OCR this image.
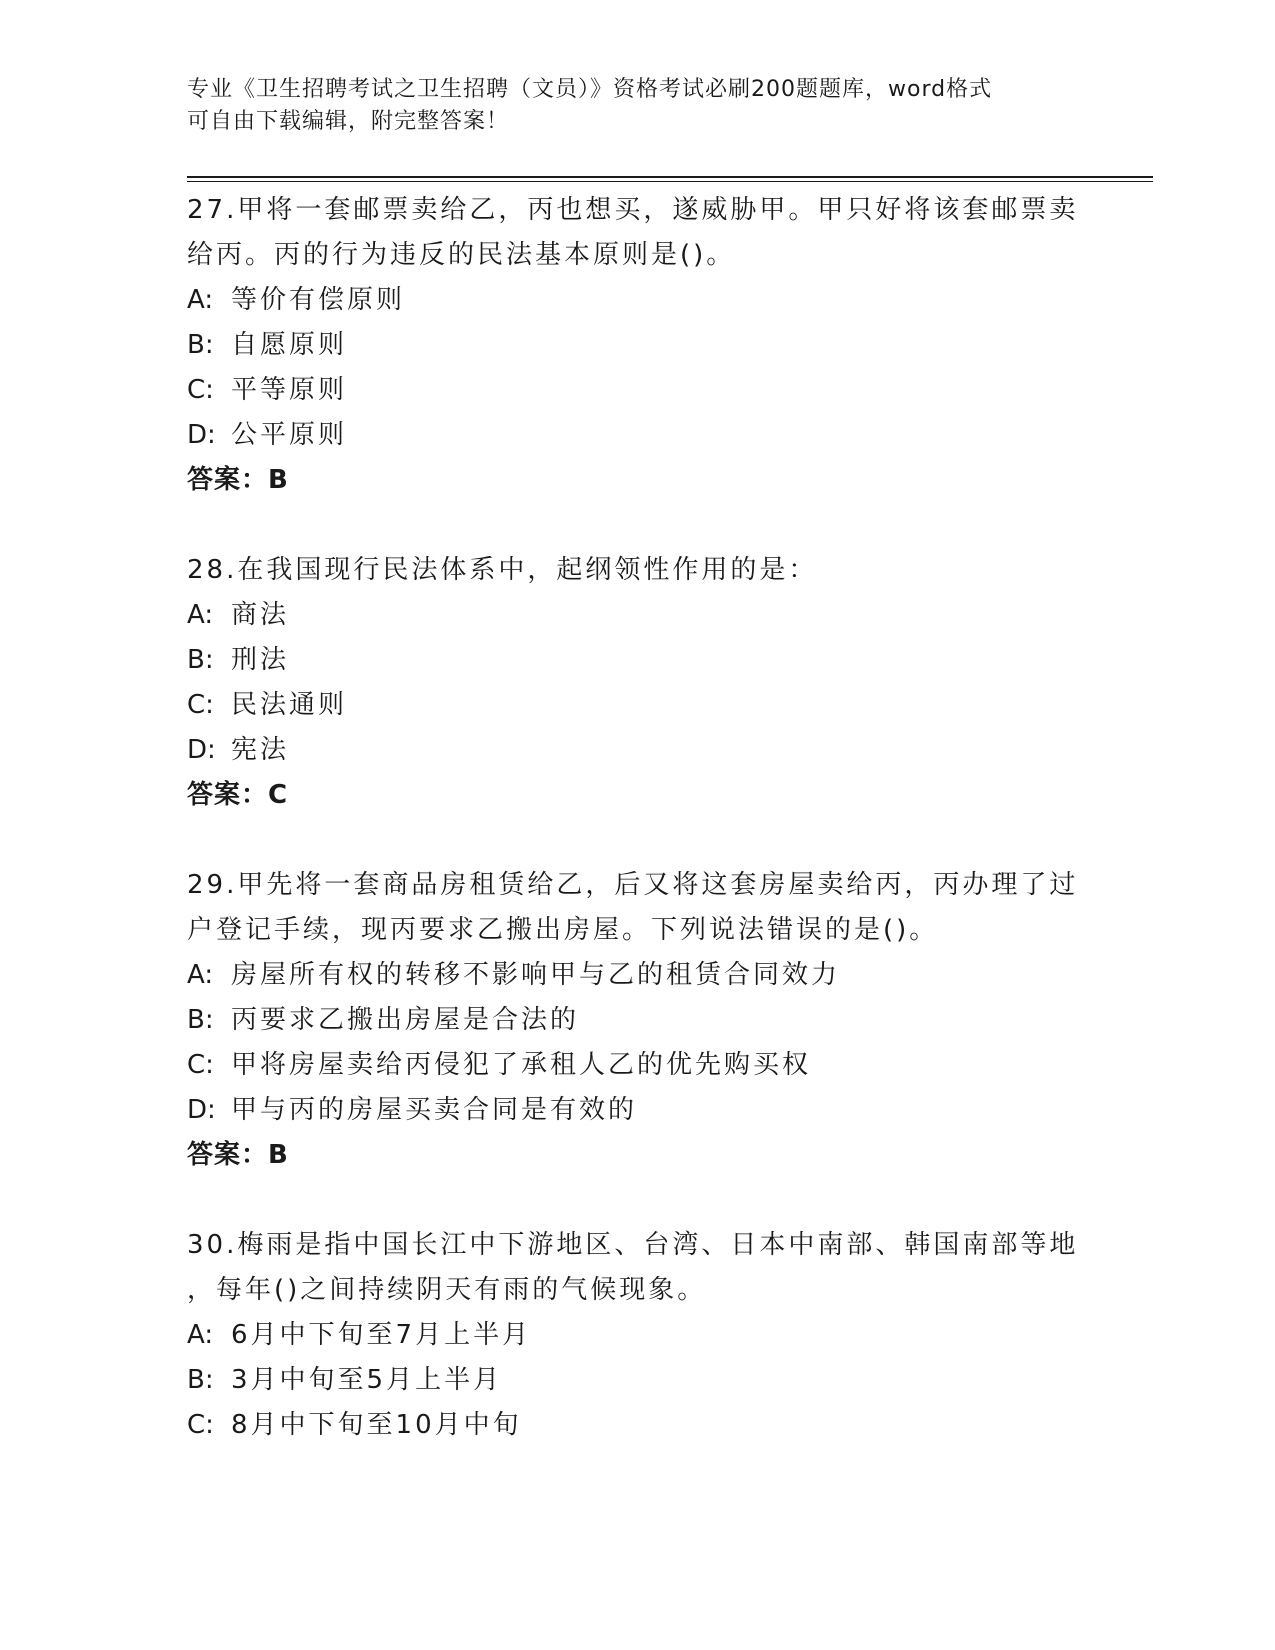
专业《卫生招聘考试之卫生招聘（文员）》资格考试必刷200题题库，word格式
可自由下载编辑，附完整答案！
27.甲将一套邮票卖给乙，丙也想买，遂威胁甲。甲只好将该套邮票卖
给丙。丙的行为违反的民法基本原则是()。
A: 等价有偿原则
B: 自愿原则
C: 平等原则
D: 公平原则
答案：B
28.在我国现行民法体系中，起纲领性作用的是：
A: 商法
B: 刑法
C: 民法通则
D: 宪法
答案：C
29.甲先将一套商品房租赁给乙，后又将这套房屋卖给丙，丙办理了过
户登记手续，现丙要求乙搬出房屋。下列说法错误的是()。
A: 房屋所有权的转移不影响甲与乙的租赁合同效力
B: 丙要求乙搬出房屋是合法的
C: 甲将房屋卖给丙侵犯了承租人乙的优先购买权
D: 甲与丙的房屋买卖合同是有效的
答案：B
30.梅雨是指中国长江中下游地区、台湾、日本中南部、韩国南部等地
，每年()之间持续阴天有雨的气候现象。
A: 6月中下旬至7月上半月
B: 3月中旬至5月上半月
C: 8月中下旬至10月中旬
